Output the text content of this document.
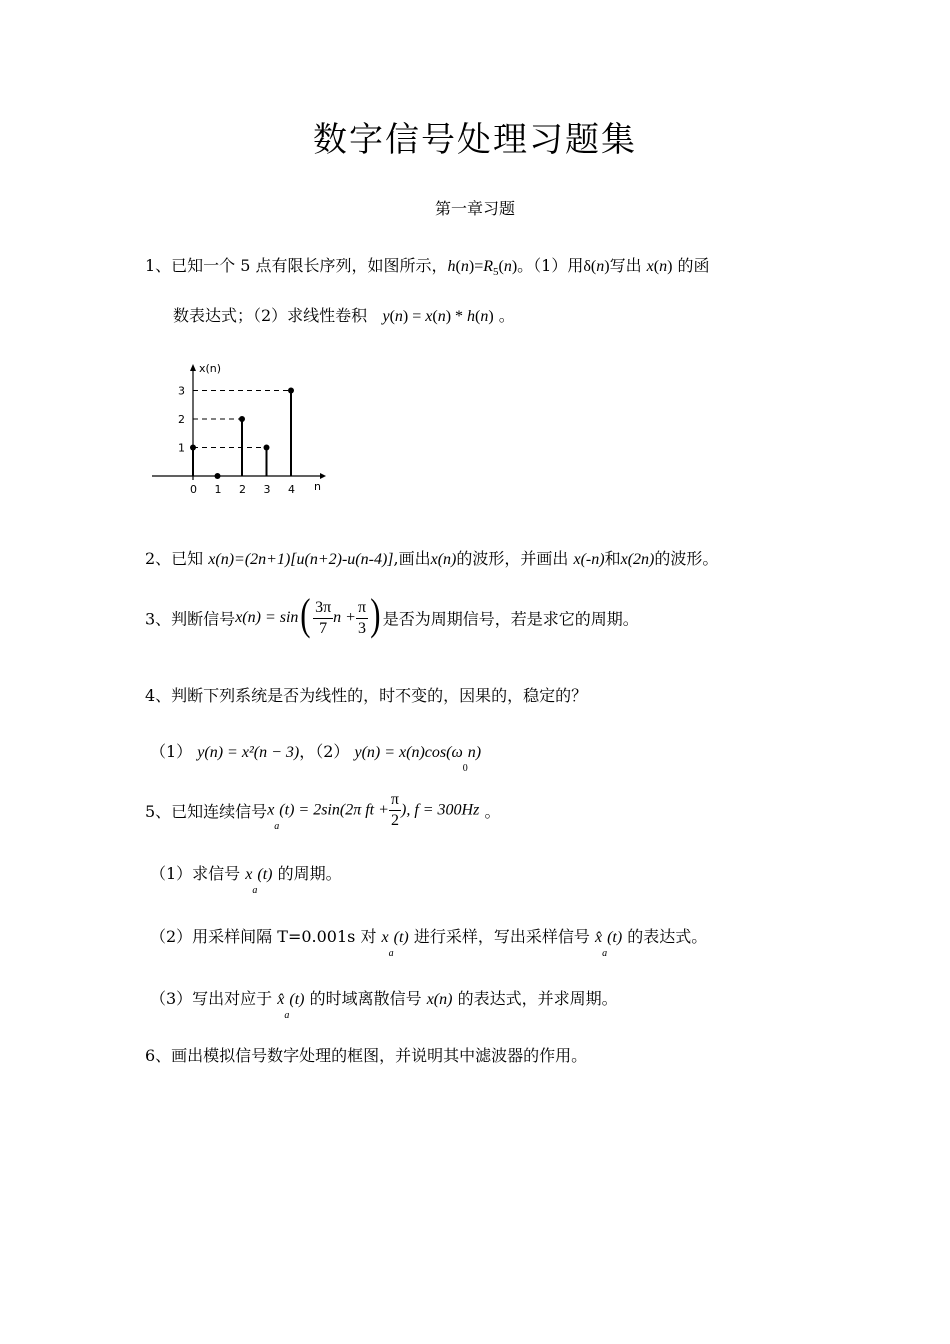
数字信号处理习题集
第一章习题
1、已知一个 5 点有限长序列，如图所示，$h(n)=R_5(n)$。（1）用δ(n)写出 x(n) 的函
数表达式；（2）求线性卷积 y(n) = x(n) * h(n) 。
x(n)
n
1
2
3
0 1 2 3 4
2、已知 x(n)=(2n+1)[u(n+2)-u(n-4)],画出x(n)的波形，并画出 x(-n)和x(2n)的波形。
3、判断信号$x(n) = \sin( \frac{3\pi}{7}$ $n + \frac{\pi}{3}$ ) 是否为周期信号，若是求它的周期。
4、判断下列系统是否为线性的，时不变的，因果的，稳定的？
（1） y(n) = x²(n − 3)，（2） $y(n) = x(n)\cos(\omega_0n)$
5、已知连续信号$x_a(t) = 2\sin(2\pi$ ft + $\frac{\pi}{2}$ ), f = 300Hz 。
（1）求信号 $x_a(t)$ 的周期。
（2）用采样间隔 T=0.001s 对 $x_a(t)$ 进行采样，写出采样信号 $x̂_a(t)$ 的表达式。
（3）写出对应于 $x̂_a(t)$ 的时域离散信号 x(n) 的表达式，并求周期。
6、画出模拟信号数字处理的框图，并说明其中滤波器的作用。
